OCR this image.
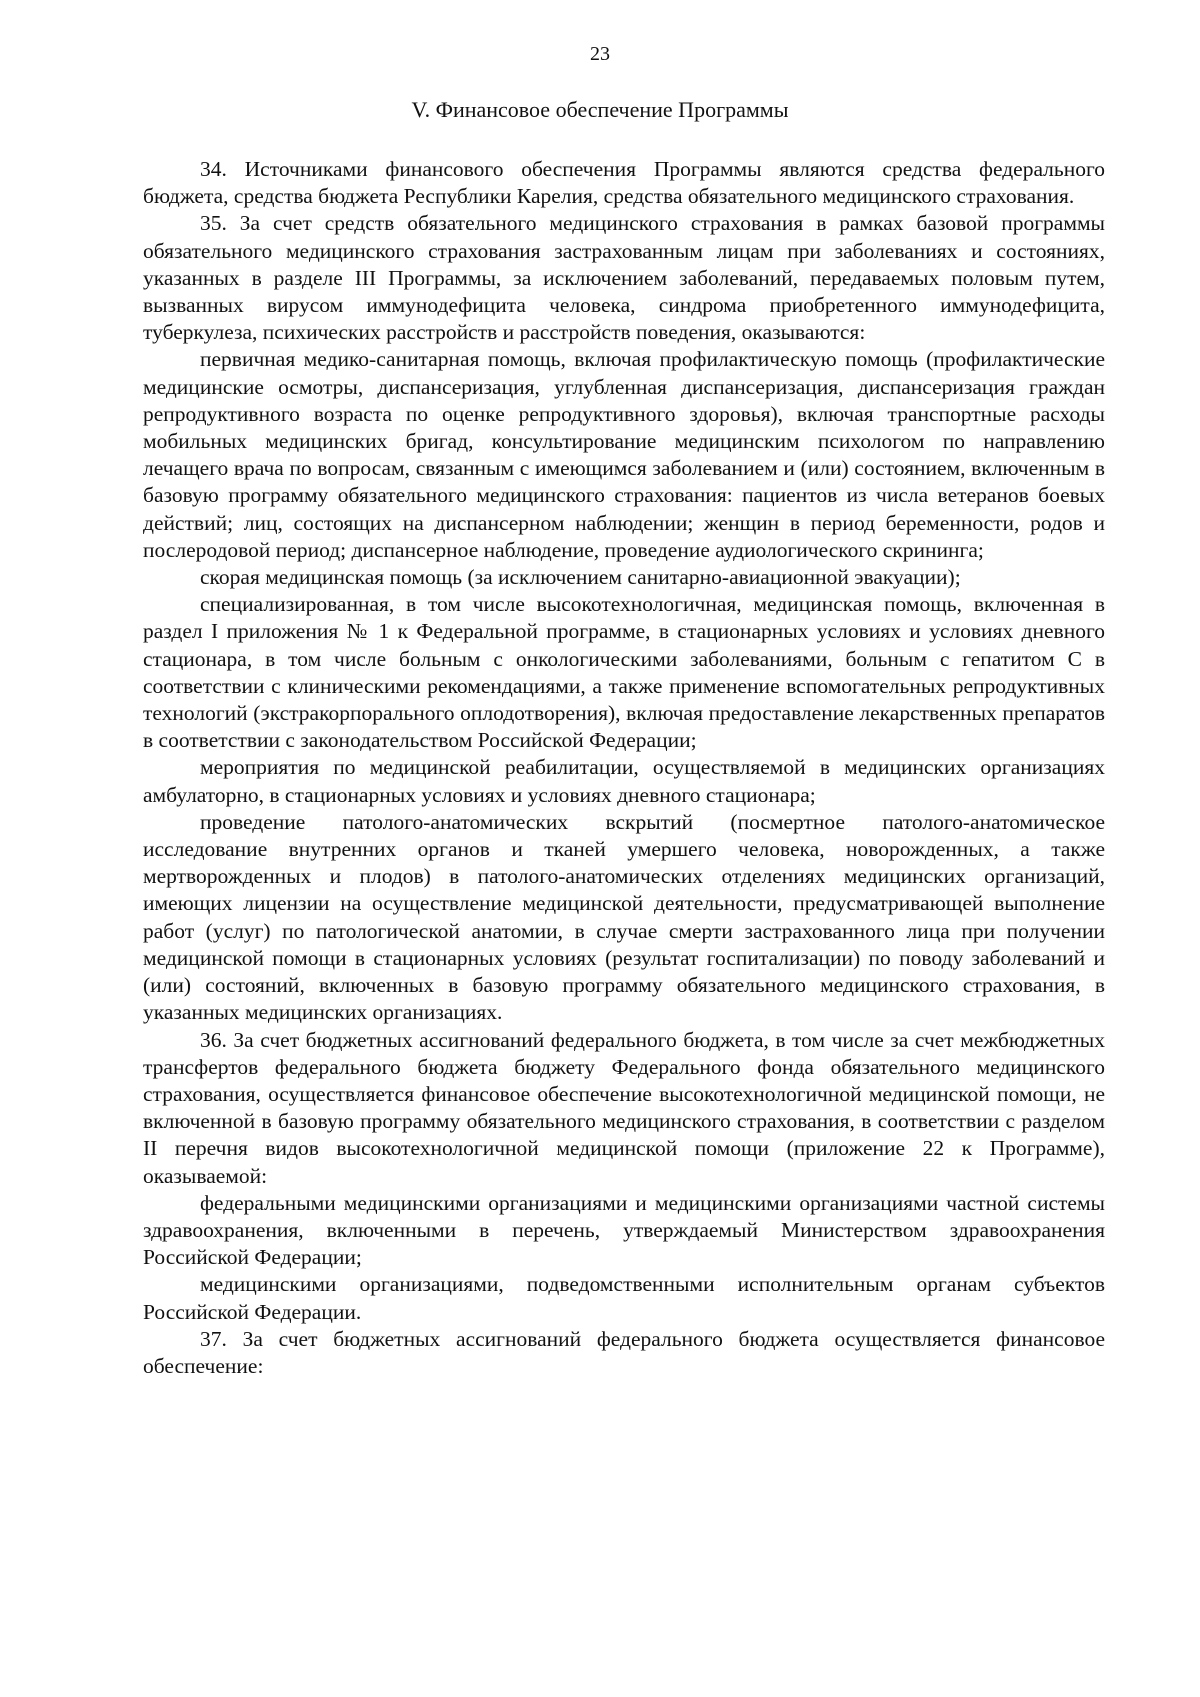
23
V. Финансовое обеспечение Программы

34. Источниками финансового обеспечения Программы являются средства федерального бюджета, средства бюджета Республики Карелия, средства обязательного медицинского страхования.

35. За счет средств обязательного медицинского страхования в рамках базовой программы обязательного медицинского страхования застрахованным лицам при заболеваниях и состояниях, указанных в разделе III Программы, за исключением заболеваний, передаваемых половым путем, вызванных вирусом иммунодефицита человека, синдрома приобретенного иммунодефицита, туберкулеза, психических расстройств и расстройств поведения, оказываются:

первичная медико-санитарная помощь, включая профилактическую помощь (профилактические медицинские осмотры, диспансеризация, углубленная диспансеризация, диспансеризация граждан репродуктивного возраста по оценке репродуктивного здоровья), включая транспортные расходы мобильных медицинских бригад, консультирование медицинским психологом по направлению лечащего врача по вопросам, связанным с имеющимся заболеванием и (или) состоянием, включенным в базовую программу обязательного медицинского страхования: пациентов из числа ветеранов боевых действий; лиц, состоящих на диспансерном наблюдении; женщин в период беременности, родов и послеродовой период; диспансерное наблюдение, проведение аудиологического скрининга;

скорая медицинская помощь (за исключением санитарно-авиационной эвакуации);

специализированная, в том числе высокотехнологичная, медицинская помощь, включенная в раздел I приложения № 1 к Федеральной программе, в стационарных условиях и условиях дневного стационара, в том числе больным с онкологическими заболеваниями, больным с гепатитом С в соответствии с клиническими рекомендациями, а также применение вспомогательных репродуктивных технологий (экстракорпорального оплодотворения), включая предоставление лекарственных препаратов в соответствии с законодательством Российской Федерации;

мероприятия по медицинской реабилитации, осуществляемой в медицинских организациях амбулаторно, в стационарных условиях и условиях дневного стационара;

проведение патолого-анатомических вскрытий (посмертное патолого-анатомическое исследование внутренних органов и тканей умершего человека, новорожденных, а также мертворожденных и плодов) в патолого-анатомических отделениях медицинских организаций, имеющих лицензии на осуществление медицинской деятельности, предусматривающей выполнение работ (услуг) по патологической анатомии, в случае смерти застрахованного лица при получении медицинской помощи в стационарных условиях (результат госпитализации) по поводу заболеваний и (или) состояний, включенных в базовую программу обязательного медицинского страхования, в указанных медицинских организациях.

36. За счет бюджетных ассигнований федерального бюджета, в том числе за счет межбюджетных трансфертов федерального бюджета бюджету Федерального фонда обязательного медицинского страхования, осуществляется финансовое обеспечение высокотехнологичной медицинской помощи, не включенной в базовую программу обязательного медицинского страхования, в соответствии с разделом II перечня видов высокотехнологичной медицинской помощи (приложение 22 к Программе), оказываемой:

федеральными медицинскими организациями и медицинскими организациями частной системы здравоохранения, включенными в перечень, утверждаемый Министерством здравоохранения Российской Федерации;

медицинскими организациями, подведомственными исполнительным органам субъектов Российской Федерации.

37. За счет бюджетных ассигнований федерального бюджета осуществляется финансовое обеспечение:
